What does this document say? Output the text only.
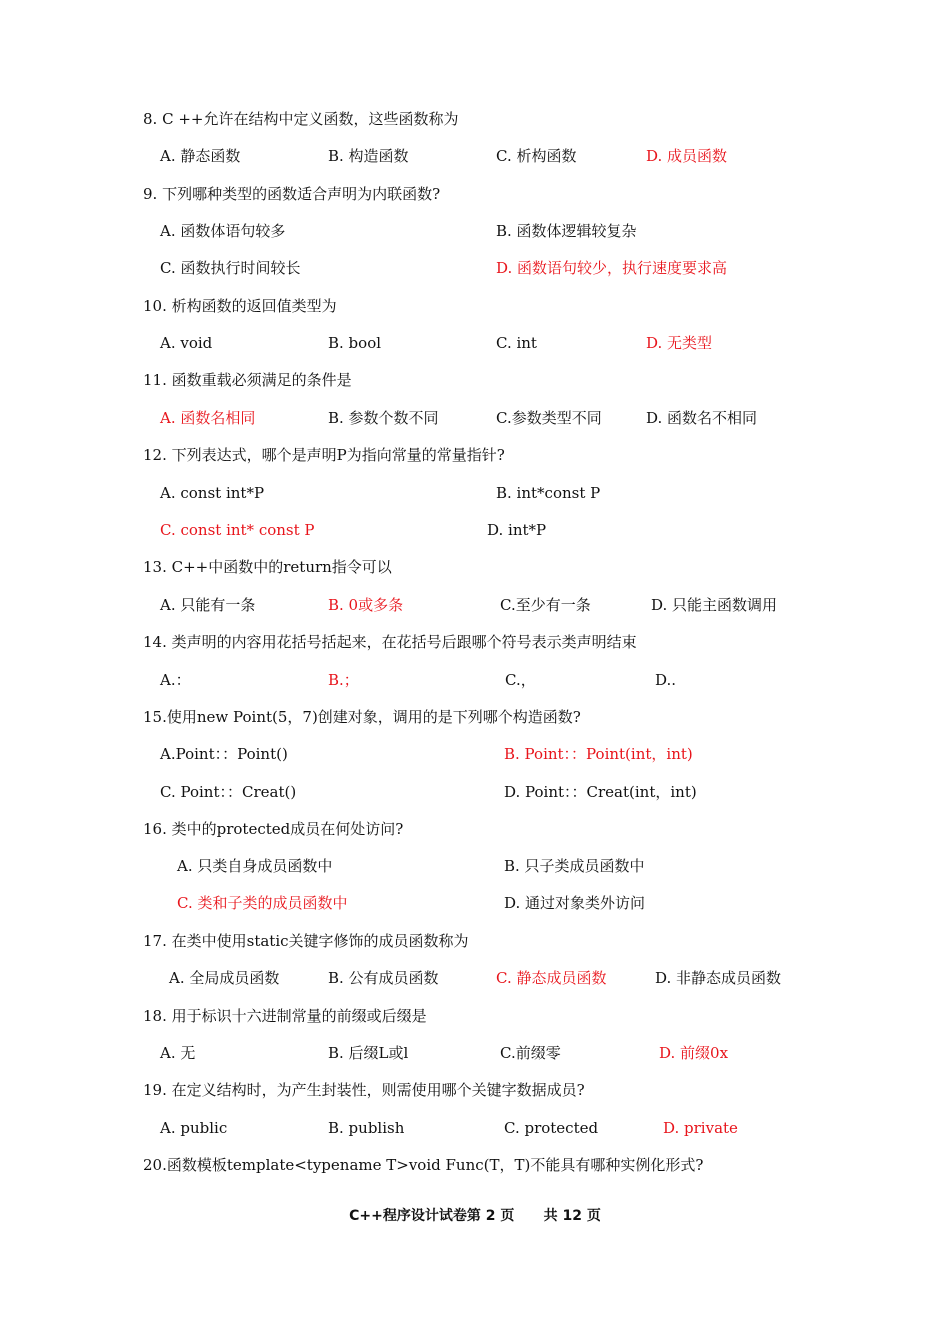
8. C ++允许在结构中定义函数，这些函数称为
A. 静态函数	B. 构造函数	C. 析构函数	D. 成员函数
9. 下列哪种类型的函数适合声明为内联函数?
A. 函数体语句较多	B. 函数体逻辑较复杂
C. 函数执行时间较长	D. 函数语句较少，执行速度要求高
10. 析构函数的返回值类型为
A. void	B. bool	C. int	D. 无类型
11. 函数重载必须满足的条件是
A. 函数名相同	B. 参数个数不同	C.参数类型不同	D. 函数名不相同
12. 下列表达式，哪个是声明P为指向常量的常量指针?
A. const int*P	B. int*const P
C. const int* const P	D. int*P
13. C++中函数中的return指令可以
A. 只能有一条	B. 0或多条	C.至少有一条	D. 只能主函数调用
14. 类声明的内容用花括号括起来，在花括号后跟哪个符号表示类声明结束
A.：	B.；	C.，	D..
15.使用new Point(5，7)创建对象，调用的是下列哪个构造函数?
A.Point：：Point()	B. Point：：Point(int，int)
C. Point：：Creat()	D. Point：：Creat(int，int)
16. 类中的protected成员在何处访问?
A. 只类自身成员函数中	B. 只子类成员函数中
C. 类和子类的成员函数中	D. 通过对象类外访问
17. 在类中使用static关键字修饰的成员函数称为
A. 全局成员函数	B. 公有成员函数	C. 静态成员函数	D. 非静态成员函数
18. 用于标识十六进制常量的前缀或后缀是
A. 无	B. 后缀L或l	C.前缀零	D. 前缀0x
19. 在定义结构时，为产生封装性，则需使用哪个关键字数据成员?
A. public	B. publish	C. protected	D. private
20.函数模板template<typename T>void Func(T，T)不能具有哪种实例化形式?
C++程序设计试卷第 2 页      共 12 页
